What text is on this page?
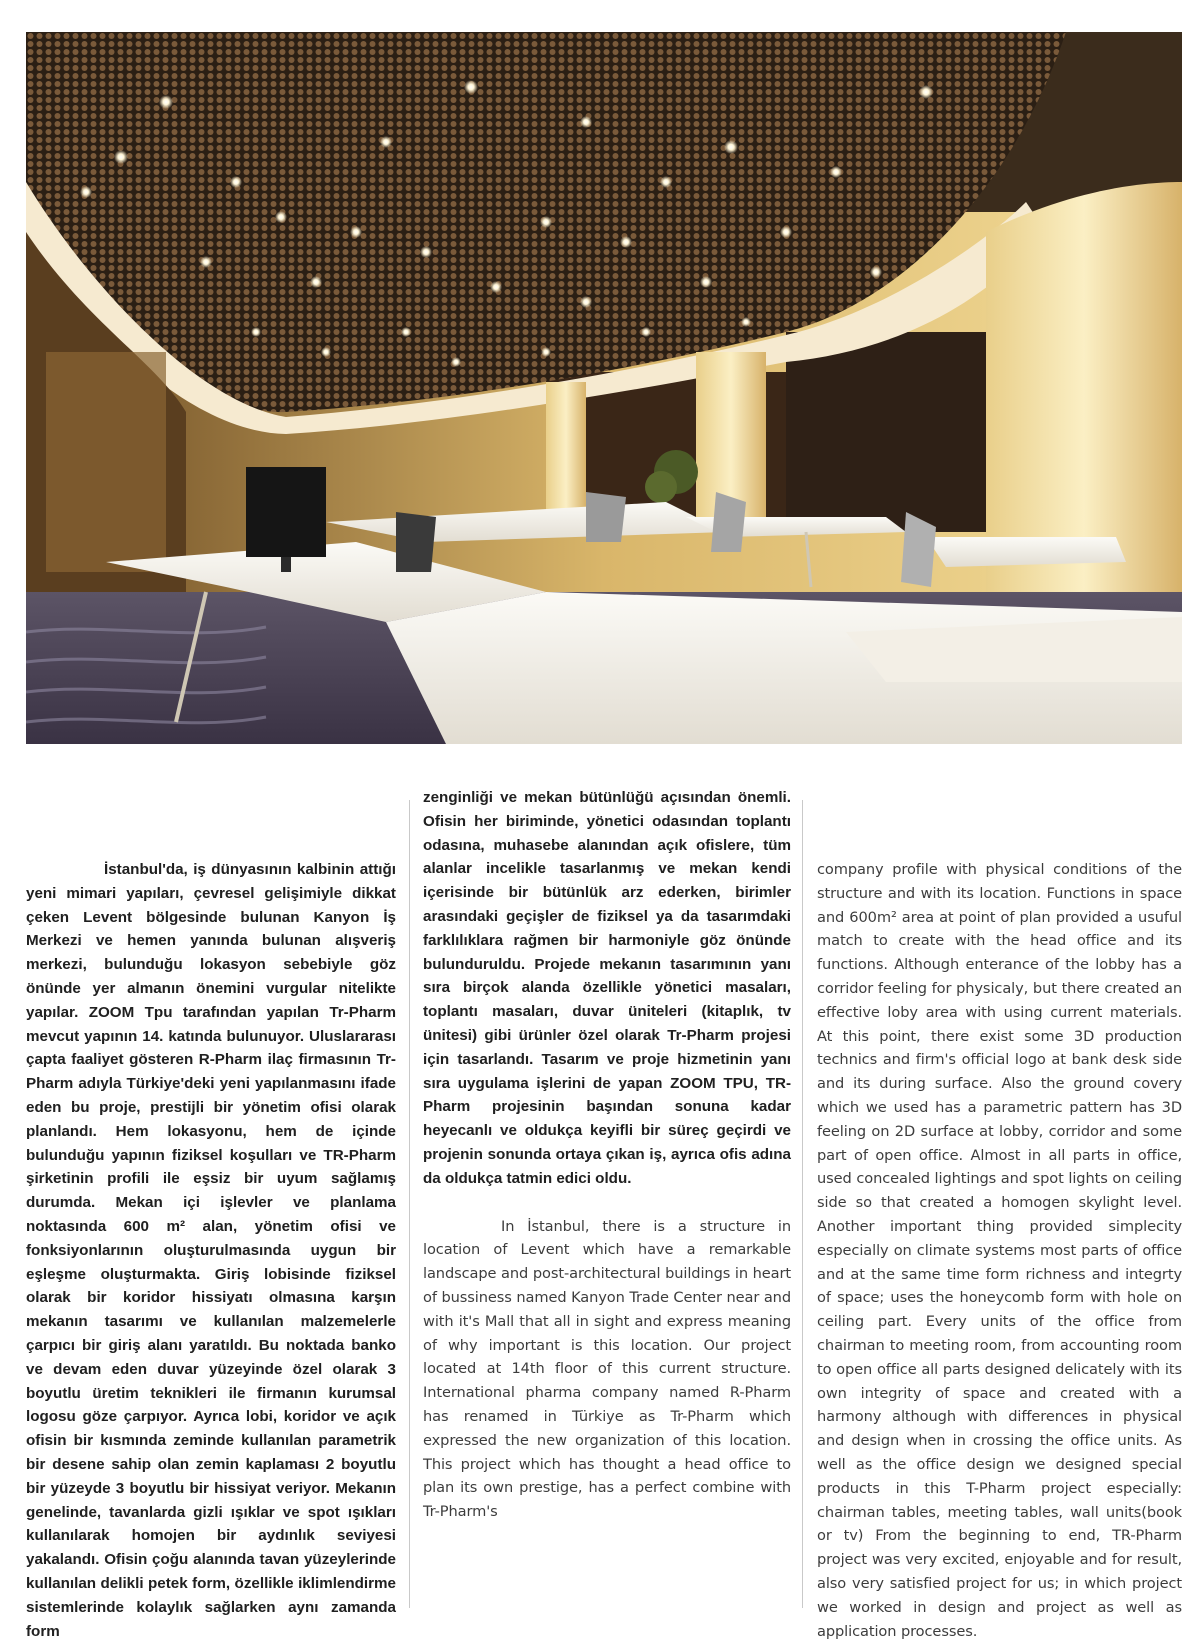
İstanbul'da, iş dünyasının kalbinin attığı yeni mimari yapıları, çevresel gelişimiyle dikkat çeken Levent bölgesinde bulunan Kanyon İş Merkezi ve hemen yanında bulunan alışveriş merkezi, bulunduğu lokasyon sebebiyle göz önünde yer almanın önemini vurgular nitelikte yapılar. ZOOM Tpu tarafından yapılan Tr-Pharm mevcut yapının 14. katında bulunuyor. Uluslararası çapta faaliyet gösteren R-Pharm ilaç firmasının Tr-Pharm adıyla Türkiye'deki yeni yapılanmasını ifade eden bu proje, prestijli bir yönetim ofisi olarak planlandı. Hem lokasyonu, hem de içinde bulunduğu yapının fiziksel koşulları ve TR-Pharm şirketinin profili ile eşsiz bir uyum sağlamış durumda. Mekan içi işlevler ve planlama noktasında 600 m² alan, yönetim ofisi ve fonksiyonlarının oluşturulmasında uygun bir eşleşme oluşturmakta. Giriş lobisinde fiziksel olarak bir koridor hissiyatı olmasına karşın mekanın tasarımı ve kullanılan malzemelerle çarpıcı bir giriş alanı yaratıldı. Bu noktada banko ve devam eden duvar yüzeyinde özel olarak 3 boyutlu üretim teknikleri ile firmanın kurumsal logosu göze çarpıyor. Ayrıca lobi, koridor ve açık ofisin bir kısmında zeminde kullanılan parametrik bir desene sahip olan zemin kaplaması 2 boyutlu bir yüzeyde 3 boyutlu bir hissiyat veriyor. Mekanın genelinde, tavanlarda gizli ışıklar ve spot ışıkları kullanılarak homojen bir aydınlık seviyesi yakalandı. Ofisin çoğu alanında tavan yüzeylerinde kullanılan delikli petek form, özellikle iklimlendirme sistemlerinde kolaylık sağlarken aynı zamanda form

zenginliği ve mekan bütünlüğü açısından önemli. Ofisin her biriminde, yönetici odasından toplantı odasına, muhasebe alanından açık ofislere, tüm alanlar incelikle tasarlanmış ve mekan kendi içerisinde bir bütünlük arz ederken, birimler arasındaki geçişler de fiziksel ya da tasarımdaki farklılıklara rağmen bir harmoniyle göz önünde bulunduruldu. Projede mekanın tasarımının yanı sıra birçok alanda özellikle yönetici masaları, toplantı masaları, duvar üniteleri (kitaplık, tv ünitesi) gibi ürünler özel olarak Tr-Pharm projesi için tasarlandı. Tasarım ve proje hizmetinin yanı sıra uygulama işlerini de yapan ZOOM TPU, TR-Pharm projesinin başından sonuna kadar heyecanlı ve oldukça keyifli bir süreç geçirdi ve projenin sonunda ortaya çıkan iş, ayrıca ofis adına da oldukça tatmin edici oldu.

In İstanbul, there is a structure in location of Levent which have a remarkable landscape and post-architectural buildings in heart of bussiness named Kanyon Trade Center near and with it's Mall that all in sight and express meaning of why important is this location. Our project located at 14th floor of this current structure. International pharma company named R-Pharm has renamed in Türkiye as Tr-Pharm which expressed the new organization of this location. This project which has thought a head office to plan its own prestige, has a perfect combine with Tr-Pharm's

company profile with physical conditions of the structure and with its location. Functions in space and 600m² area at point of plan provided a usuful match to create with the head office and its functions. Although enterance of the lobby has a corridor feeling for physicaly, but there created an effective loby area with using current materials. At this point, there exist some 3D production technics and firm's official logo at bank desk side and its during surface. Also the ground covery which we used has a parametric pattern has 3D feeling on 2D surface at lobby, corridor and some part of open office. Almost in all parts in office, used concealed lightings and spot lights on ceiling side so that created a homogen skylight level. Another important thing provided simplecity especially on climate systems most parts of office and at the same time form richness and integrty of space; uses the honeycomb form with hole on ceiling part. Every units of the office from chairman to meeting room, from accounting room to open office all parts designed delicately with its own integrity of space and created with a harmony although with differences in physical and design when in crossing the office units. As well as the office design we designed special products in this T-Pharm project especially: chairman tables, meeting tables, wall units(book or tv) From the beginning to end, TR-Pharm project was very excited, enjoyable and for result, also very satisfied project for us; in which project we worked in design and project as well as application processes.
